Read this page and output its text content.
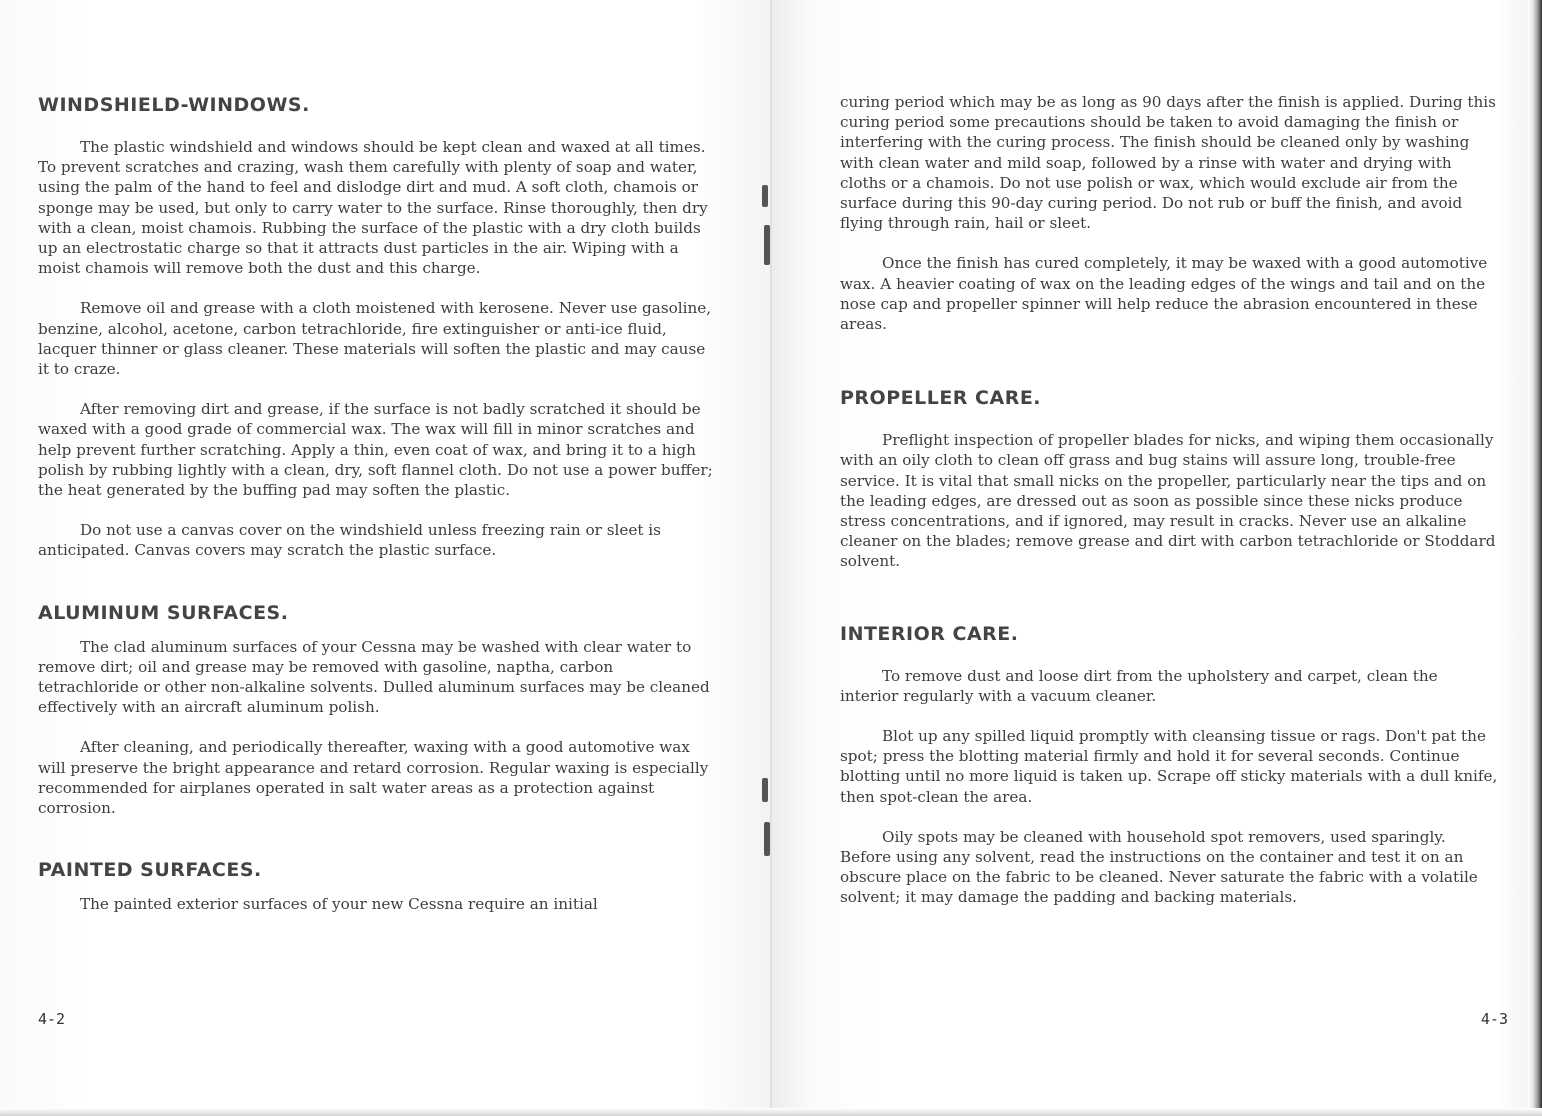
WINDSHIELD-WINDOWS.

The plastic windshield and windows should be kept clean and waxed at all times. To prevent scratches and crazing, wash them carefully with plenty of soap and water, using the palm of the hand to feel and dislodge dirt and mud. A soft cloth, chamois or sponge may be used, but only to carry water to the surface. Rinse thoroughly, then dry with a clean, moist chamois. Rubbing the surface of the plastic with a dry cloth builds up an electrostatic charge so that it attracts dust particles in the air. Wiping with a moist chamois will remove both the dust and this charge.

Remove oil and grease with a cloth moistened with kerosene. Never use gasoline, benzine, alcohol, acetone, carbon tetrachloride, fire extinguisher or anti-ice fluid, lacquer thinner or glass cleaner. These materials will soften the plastic and may cause it to craze.

After removing dirt and grease, if the surface is not badly scratched it should be waxed with a good grade of commercial wax. The wax will fill in minor scratches and help prevent further scratching. Apply a thin, even coat of wax, and bring it to a high polish by rubbing lightly with a clean, dry, soft flannel cloth. Do not use a power buffer; the heat generated by the buffing pad may soften the plastic.

Do not use a canvas cover on the windshield unless freezing rain or sleet is anticipated. Canvas covers may scratch the plastic surface.

ALUMINUM SURFACES.

The clad aluminum surfaces of your Cessna may be washed with clear water to remove dirt; oil and grease may be removed with gasoline, naptha, carbon tetrachloride or other non-alkaline solvents. Dulled aluminum surfaces may be cleaned effectively with an aircraft aluminum polish.

After cleaning, and periodically thereafter, waxing with a good automotive wax will preserve the bright appearance and retard corrosion. Regular waxing is especially recommended for airplanes operated in salt water areas as a protection against corrosion.

PAINTED SURFACES.

The painted exterior surfaces of your new Cessna require an initial

4-2

curing period which may be as long as 90 days after the finish is applied. During this curing period some precautions should be taken to avoid damaging the finish or interfering with the curing process. The finish should be cleaned only by washing with clean water and mild soap, followed by a rinse with water and drying with cloths or a chamois. Do not use polish or wax, which would exclude air from the surface during this 90-day curing period. Do not rub or buff the finish, and avoid flying through rain, hail or sleet.

Once the finish has cured completely, it may be waxed with a good automotive wax. A heavier coating of wax on the leading edges of the wings and tail and on the nose cap and propeller spinner will help reduce the abrasion encountered in these areas.

PROPELLER CARE.

Preflight inspection of propeller blades for nicks, and wiping them occasionally with an oily cloth to clean off grass and bug stains will assure long, trouble-free service. It is vital that small nicks on the propeller, particularly near the tips and on the leading edges, are dressed out as soon as possible since these nicks produce stress concentrations, and if ignored, may result in cracks. Never use an alkaline cleaner on the blades; remove grease and dirt with carbon tetrachloride or Stoddard solvent.

INTERIOR CARE.

To remove dust and loose dirt from the upholstery and carpet, clean the interior regularly with a vacuum cleaner.

Blot up any spilled liquid promptly with cleansing tissue or rags. Don't pat the spot; press the blotting material firmly and hold it for several seconds. Continue blotting until no more liquid is taken up. Scrape off sticky materials with a dull knife, then spot-clean the area.

Oily spots may be cleaned with household spot removers, used sparingly. Before using any solvent, read the instructions on the container and test it on an obscure place on the fabric to be cleaned. Never saturate the fabric with a volatile solvent; it may damage the padding and backing materials.

4-3
